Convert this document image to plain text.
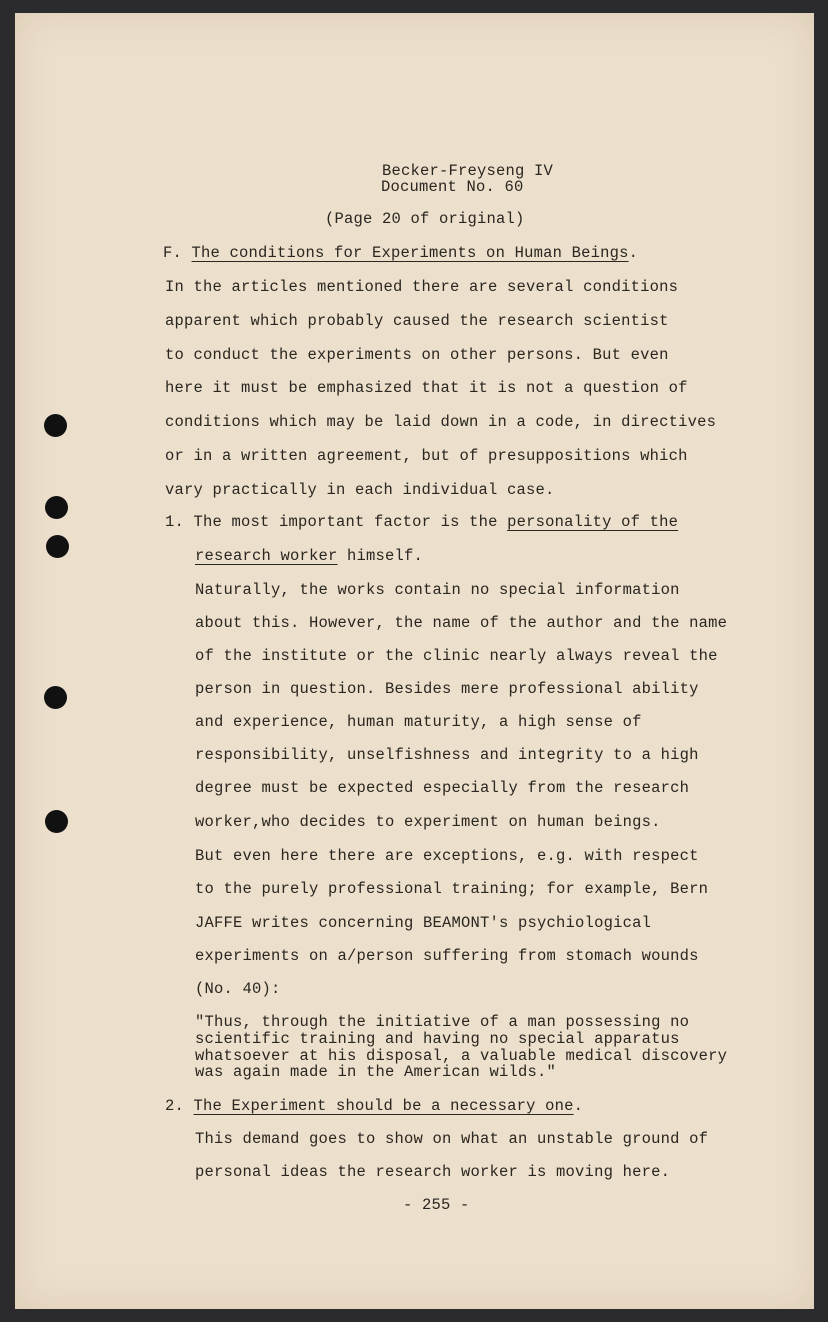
Becker-Freyseng IV
Document No. 60
(Page 20 of original)
F. The conditions for Experiments on Human Beings.
In the articles mentioned there are several conditions
apparent which probably caused the research scientist
to conduct the experiments on other persons. But even
here it must be emphasized that it is not a question of
conditions which may be laid down in a code, in directives
or in a written agreement, but of presuppositions which
vary practically in each individual case.
1. The most important factor is the personality of the
research worker himself.
Naturally, the works contain no special information
about this. However, the name of the author and the name
of the institute or the clinic nearly always reveal the
person in question. Besides mere professional ability
and experience, human maturity, a high sense of
responsibility, unselfishness and integrity to a high
degree must be expected especially from the research
worker,who decides to experiment on human beings.
But even here there are exceptions, e.g. with respect
to the purely professional training; for example, Bern
JAFFE writes concerning BEAMONT's psychiological
experiments on a/person suffering from stomach wounds
(No. 40):
"Thus, through the initiative of a man possessing no
scientific training and having no special apparatus
whatsoever at his disposal, a valuable medical discovery
was again made in the American wilds."
2. The Experiment should be a necessary one.
This demand goes to show on what an unstable ground of
personal ideas the research worker is moving here.
- 255 -
